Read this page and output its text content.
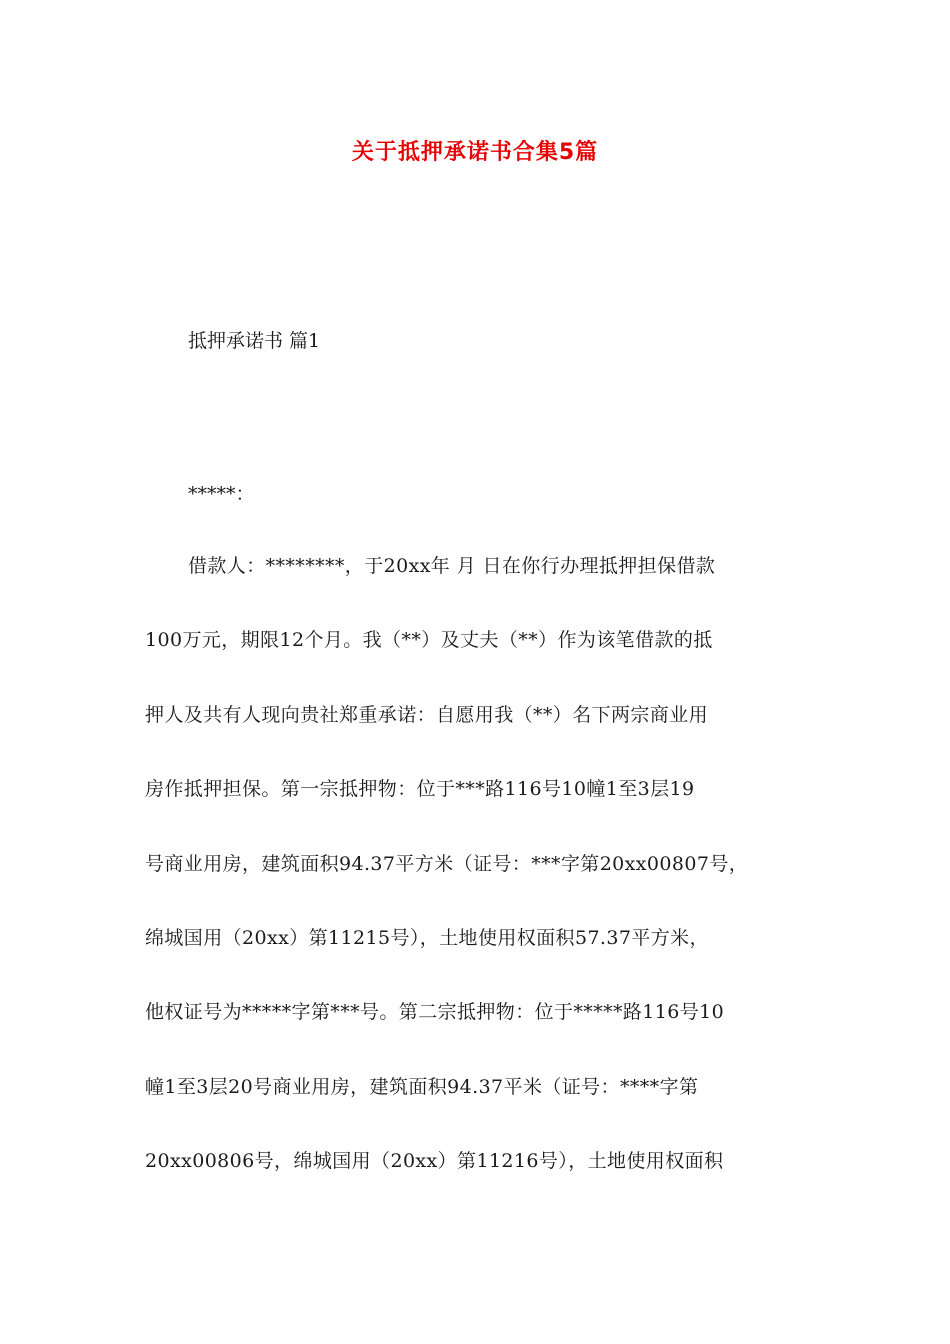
关于抵押承诺书合集5篇
抵押承诺书 篇1
*****：
借款人：********，于20xx年 月 日在你行办理抵押担保借款
100万元，期限12个月。我（**）及丈夫（**）作为该笔借款的抵
押人及共有人现向贵社郑重承诺：自愿用我（**）名下两宗商业用
房作抵押担保。第一宗抵押物：位于***路116号10幢1至3层19
号商业用房，建筑面积94.37平方米（证号：***字第20xx00807号，
绵城国用（20xx）第11215号），土地使用权面积57.37平方米，
他权证号为*****字第***号。第二宗抵押物：位于*****路116号10
幢1至3层20号商业用房，建筑面积94.37平米（证号：****字第
20xx00806号，绵城国用（20xx）第11216号），土地使用权面积
